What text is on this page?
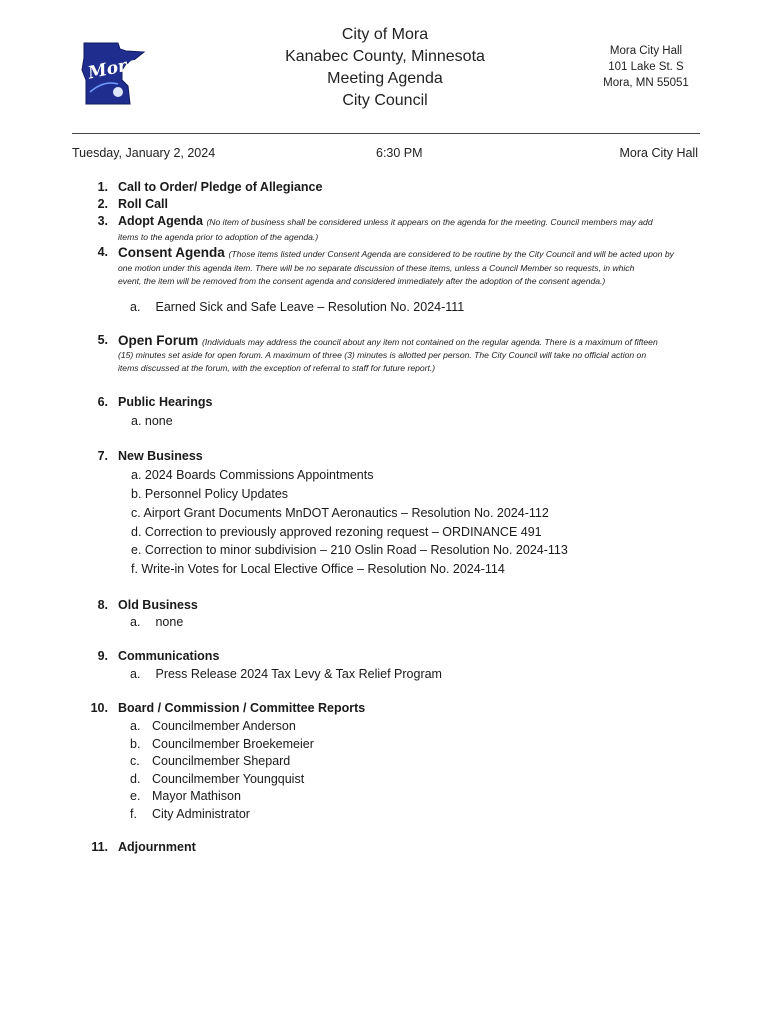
Mora
City of Mora
Kanabec County, Minnesota
Meeting Agenda
City Council
Mora City Hall
101 Lake St. S
Mora, MN 55051
Tuesday, January 2, 2024	6:30 PM	Mora City Hall
1. Call to Order/ Pledge of Allegiance
2. Roll Call
3. Adopt Agenda (No item of business shall be considered unless it appears on the agenda for the meeting. Council members may add
items to the agenda prior to adoption of the agenda.)
4. Consent Agenda (Those items listed under Consent Agenda are considered to be routine by the City Council and will be acted upon by
one motion under this agenda item. There will be no separate discussion of these items, unless a Council Member so requests, in which
event, the item will be removed from the consent agenda and considered immediately after the adoption of the consent agenda.)
a. Earned Sick and Safe Leave – Resolution No. 2024-111
5. Open Forum (Individuals may address the council about any item not contained on the regular agenda. There is a maximum of fifteen
(15) minutes set aside for open forum. A maximum of three (3) minutes is allotted per person. The City Council will take no official action on
items discussed at the forum, with the exception of referral to staff for future report.)
6. Public Hearings
a. none
7. New Business
a. 2024 Boards Commissions Appointments
b. Personnel Policy Updates
c. Airport Grant Documents MnDOT Aeronautics – Resolution No. 2024-112
d. Correction to previously approved rezoning request – ORDINANCE 491
e. Correction to minor subdivision – 210 Oslin Road – Resolution No. 2024-113
f. Write-in Votes for Local Elective Office – Resolution No. 2024-114
8. Old Business
a. none
9. Communications
a. Press Release 2024 Tax Levy & Tax Relief Program
10. Board / Commission / Committee Reports
a. Councilmember Anderson
b. Councilmember Broekemeier
c. Councilmember Shepard
d. Councilmember Youngquist
e. Mayor Mathison
f. City Administrator
11. Adjournment
